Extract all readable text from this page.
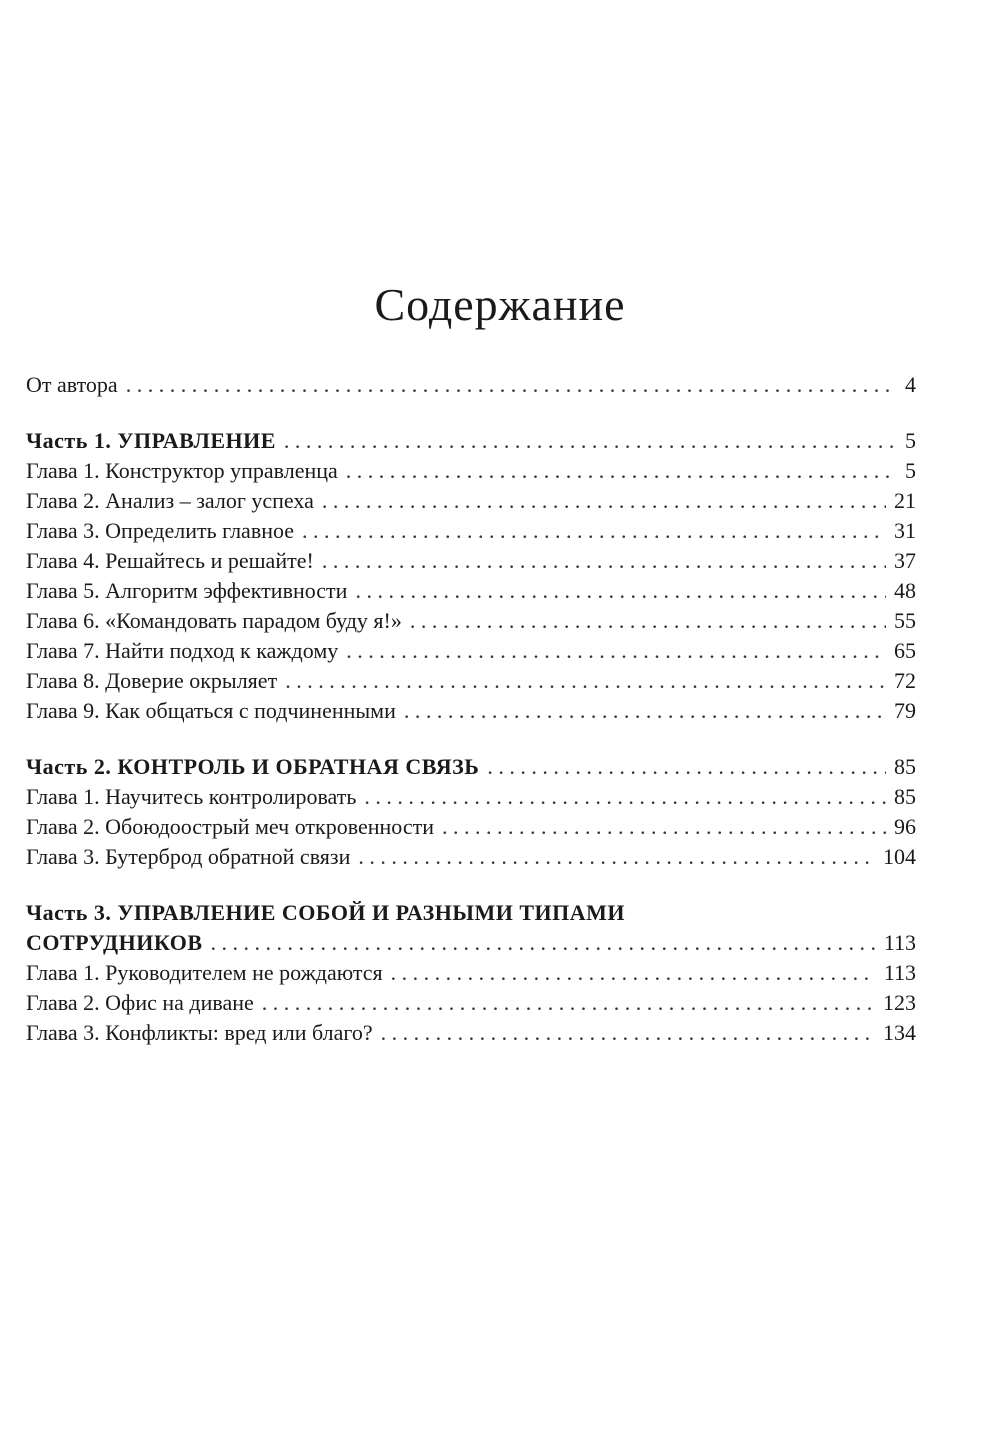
Содержание
От автора . . .	4
Часть 1. УПРАВЛЕНИЕ . . .	5
Глава 1. Конструктор управленца . . .	5
Глава 2. Анализ – залог успеха . . .	21
Глава 3. Определить главное . . .	31
Глава 4. Решайтесь и решайте! . . .	37
Глава 5. Алгоритм эффективности . . .	48
Глава 6. «Командовать парадом буду я!» . . .	55
Глава 7. Найти подход к каждому . . .	65
Глава 8. Доверие окрыляет . . .	72
Глава 9. Как общаться с подчиненными . . .	79
Часть 2. КОНТРОЛЬ И ОБРАТНАЯ СВЯЗЬ . . .	85
Глава 1. Научитесь контролировать . . .	85
Глава 2. Обоюдоострый меч откровенности . . .	96
Глава 3. Бутерброд обратной связи . . .	104
Часть 3. УПРАВЛЕНИЕ СОБОЙ И РАЗНЫМИ ТИПАМИ
СОТРУДНИКОВ . . .	113
Глава 1. Руководителем не рождаются . . .	113
Глава 2. Офис на диване . . .	123
Глава 3. Конфликты: вред или благо? . . .	134
